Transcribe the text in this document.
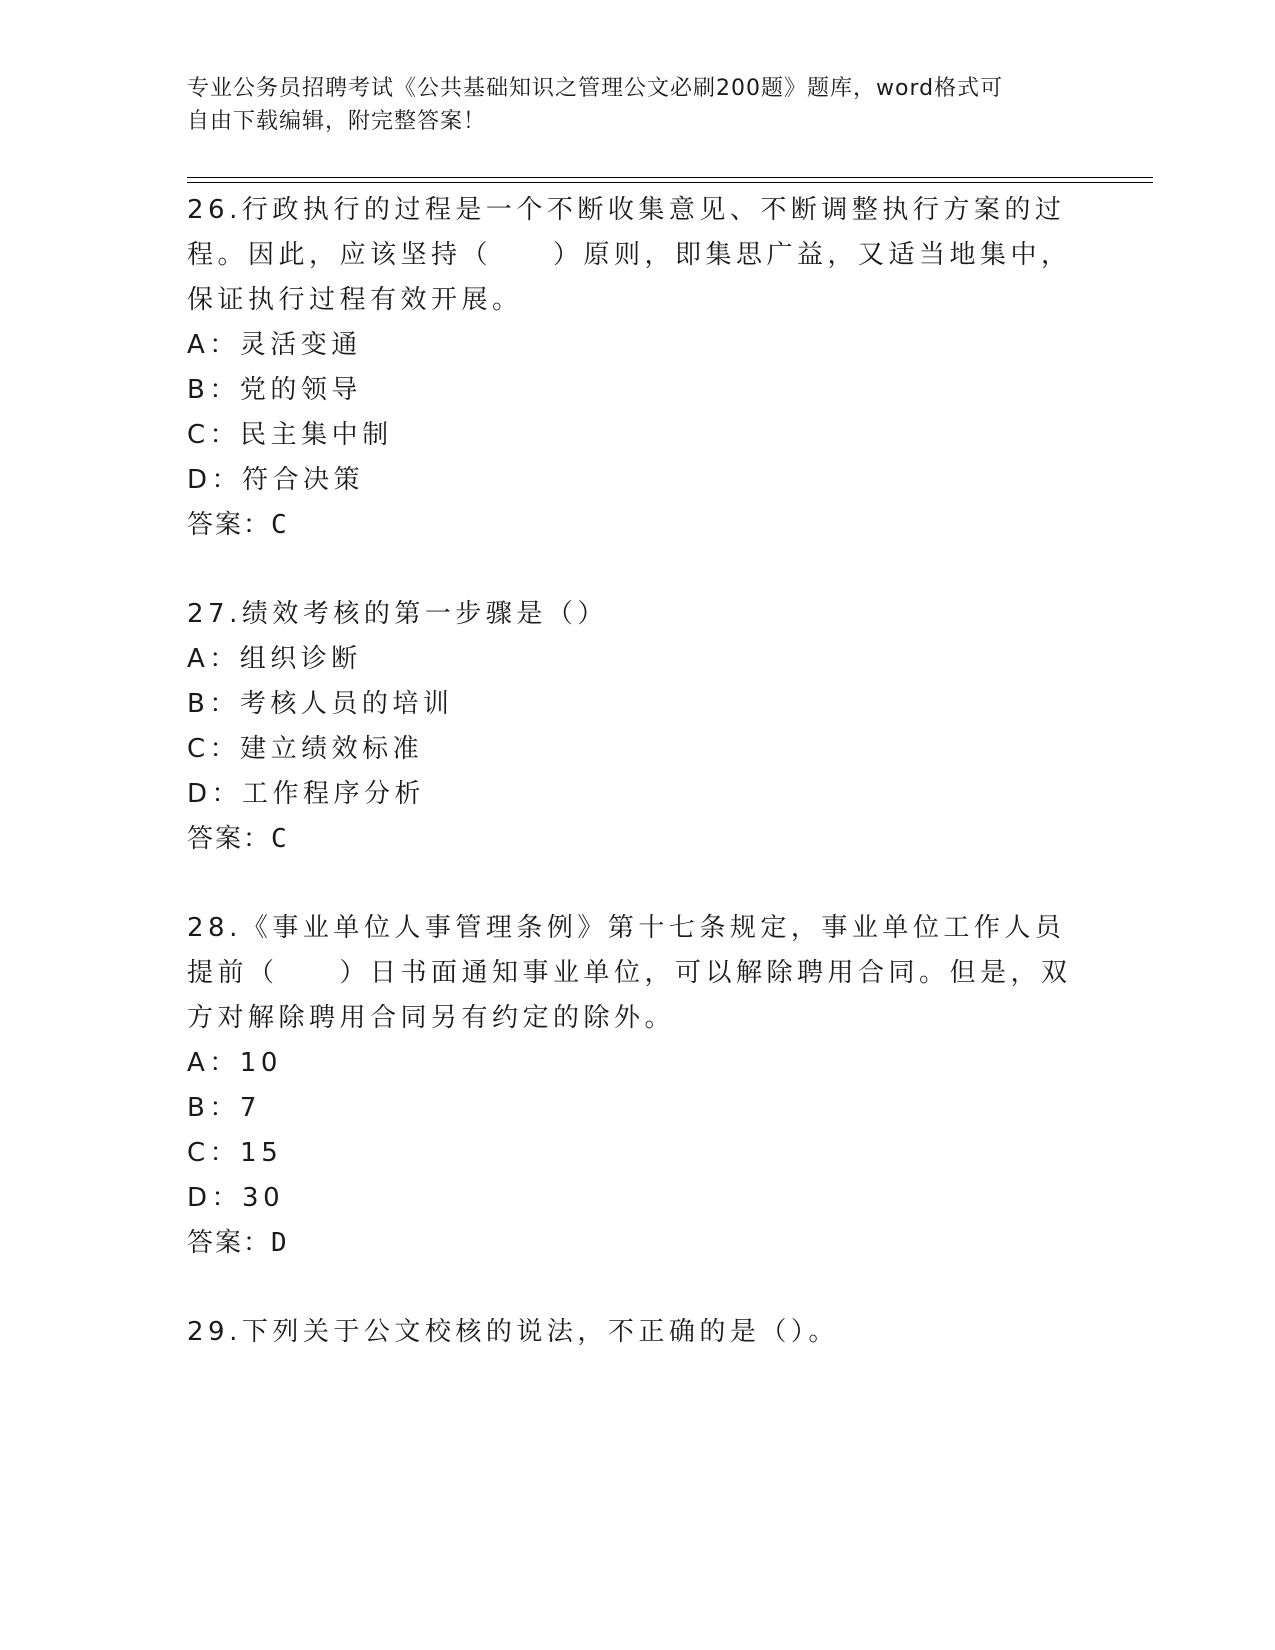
专业公务员招聘考试《公共基础知识之管理公文必刷200题》题库，word格式可
自由下载编辑，附完整答案！

26.行政执行的过程是一个不断收集意见、不断调整执行方案的过程。因此，应该坚持（　　）原则，即集思广益，又适当地集中，保证执行过程有效开展。

A：灵活变通

B：党的领导

C：民主集中制

D：符合决策

答案：C

27.绩效考核的第一步骤是（）

A：组织诊断

B：考核人员的培训

C：建立绩效标准

D：工作程序分析

答案：C

28.《事业单位人事管理条例》第十七条规定，事业单位工作人员提前（　　）日书面通知事业单位，可以解除聘用合同。但是，双方对解除聘用合同另有约定的除外。

A：10

B：7

C：15

D：30

答案：D

29.下列关于公文校核的说法，不正确的是（）。
